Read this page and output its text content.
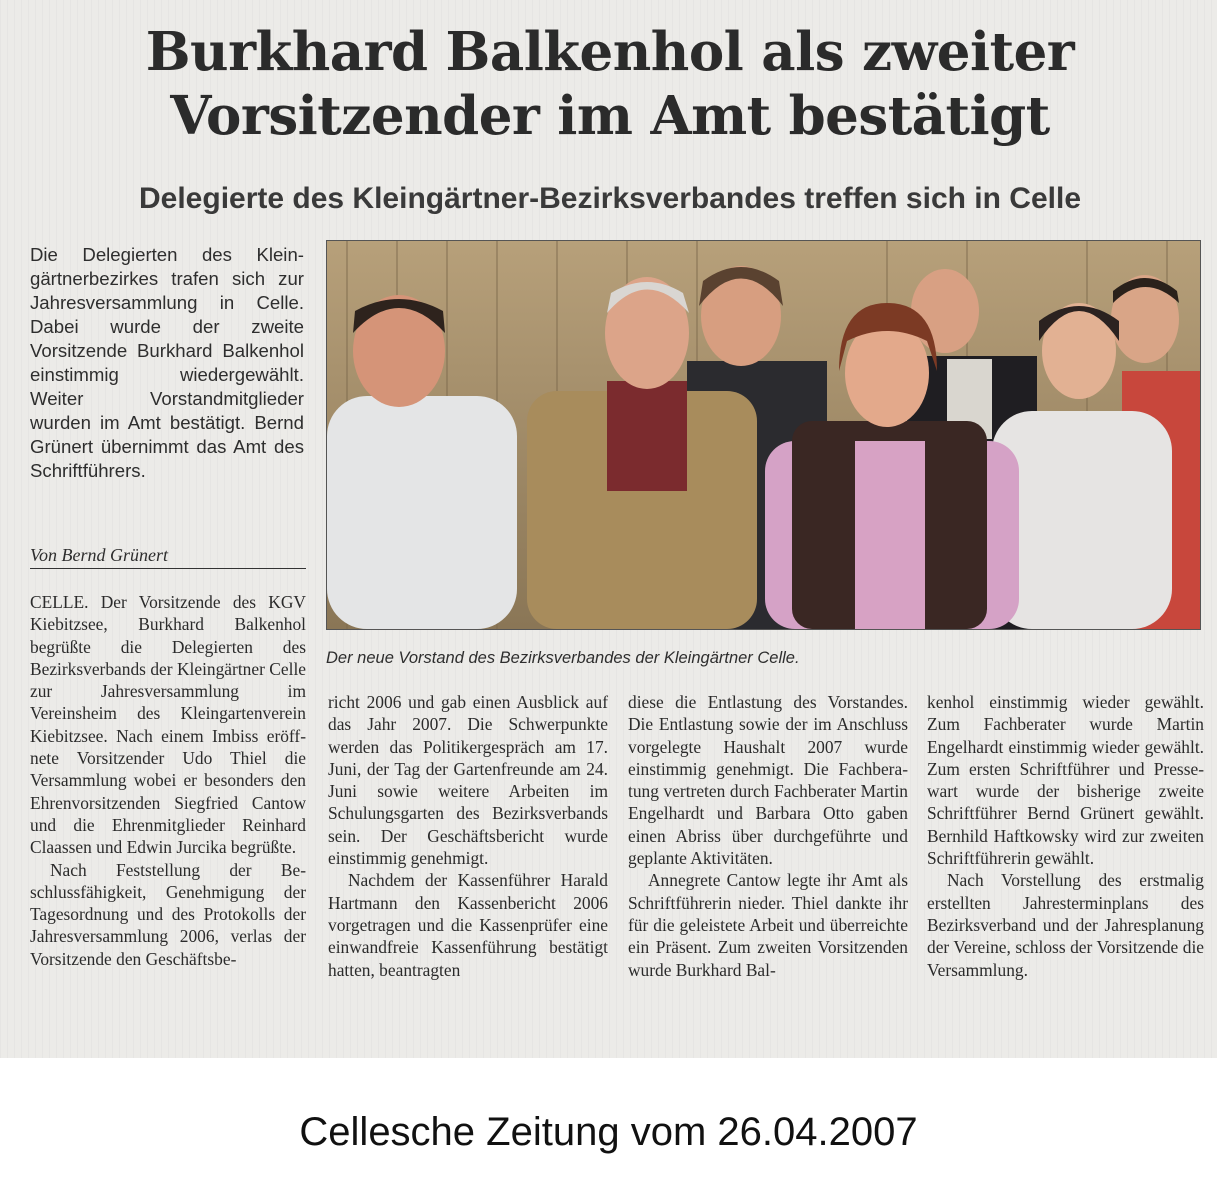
Burkhard Balkenhol als zweiter
Vorsitzender im Amt bestätigt
Delegierte des Kleingärtner-Bezirksverbandes treffen sich in Celle

Die Delegierten des Kleingärtnerbezirkes trafen sich zur Jahresversammlung in Celle. Dabei wurde der zweite Vorsitzende Burkhard Balkenhol einstimmig wiedergewählt. Weiter Vorstandmitglieder wurden im Amt bestätigt. Bernd Grünert übernimmt das Amt des Schriftführers.

Von Bernd Grünert

Der neue Vorstand des Bezirksverbandes der Kleingärtner Celle.

CELLE. Der Vorsitzende des KGV Kiebitzsee, Burkhard Balkenhol begrüßte die Delegierten des Bezirksverbands der Kleingärtner Celle zur Jahresversammlung im Vereinsheim des Kleingartenverein Kiebitzsee. Nach einem Imbiss eröffnete Vorsitzender Udo Thiel die Versammlung wobei er besonders den Ehrenvorsitzenden Siegfried Cantow und die Ehrenmitglieder Reinhard Claassen und Edwin Jurcika begrüßte.

Nach Feststellung der Beschlussfähigkeit, Genehmigung der Tagesordnung und des Protokolls der Jahresversammlung 2006, verlas der Vorsitzende den Geschäftsbe-

richt 2006 und gab einen Ausblick auf das Jahr 2007. Die Schwerpunkte werden das Politikergespräch am 17. Juni, der Tag der Gartenfreunde am 24. Juni sowie weitere Arbeiten im Schulungsgarten des Bezirksverbands sein. Der Geschäftsbericht wurde einstimmig genehmigt.

Nachdem der Kassenführer Harald Hartmann den Kassenbericht 2006 vorgetragen und die Kassenprüfer eine einwandfreie Kassenführung bestätigt hatten, beantragten

diese die Entlastung des Vorstandes. Die Entlastung sowie der im Anschluss vorgelegte Haushalt 2007 wurde einstimmig genehmigt. Die Fachberatung vertreten durch Fachberater Martin Engelhardt und Barbara Otto gaben einen Abriss über durchgeführte und geplante Aktivitäten.

Annegrete Cantow legte ihr Amt als Schriftführerin nieder. Thiel dankte ihr für die geleistete Arbeit und überreichte ein Präsent. Zum zweiten Vorsitzenden wurde Burkhard Bal-

kenhol einstimmig wieder gewählt. Zum Fachberater wurde Martin Engelhardt einstimmig wieder gewählt. Zum ersten Schriftführer und Pressewart wurde der bisherige zweite Schriftführer Bernd Grünert gewählt. Bernhild Haftkowsky wird zur zweiten Schriftführerin gewählt.

Nach Vorstellung des erstmalig erstellten Jahresterminplans des Bezirksverband und der Jahresplanung der Vereine, schloss der Vorsitzende die Versammlung.

Cellesche Zeitung vom 26.04.2007
